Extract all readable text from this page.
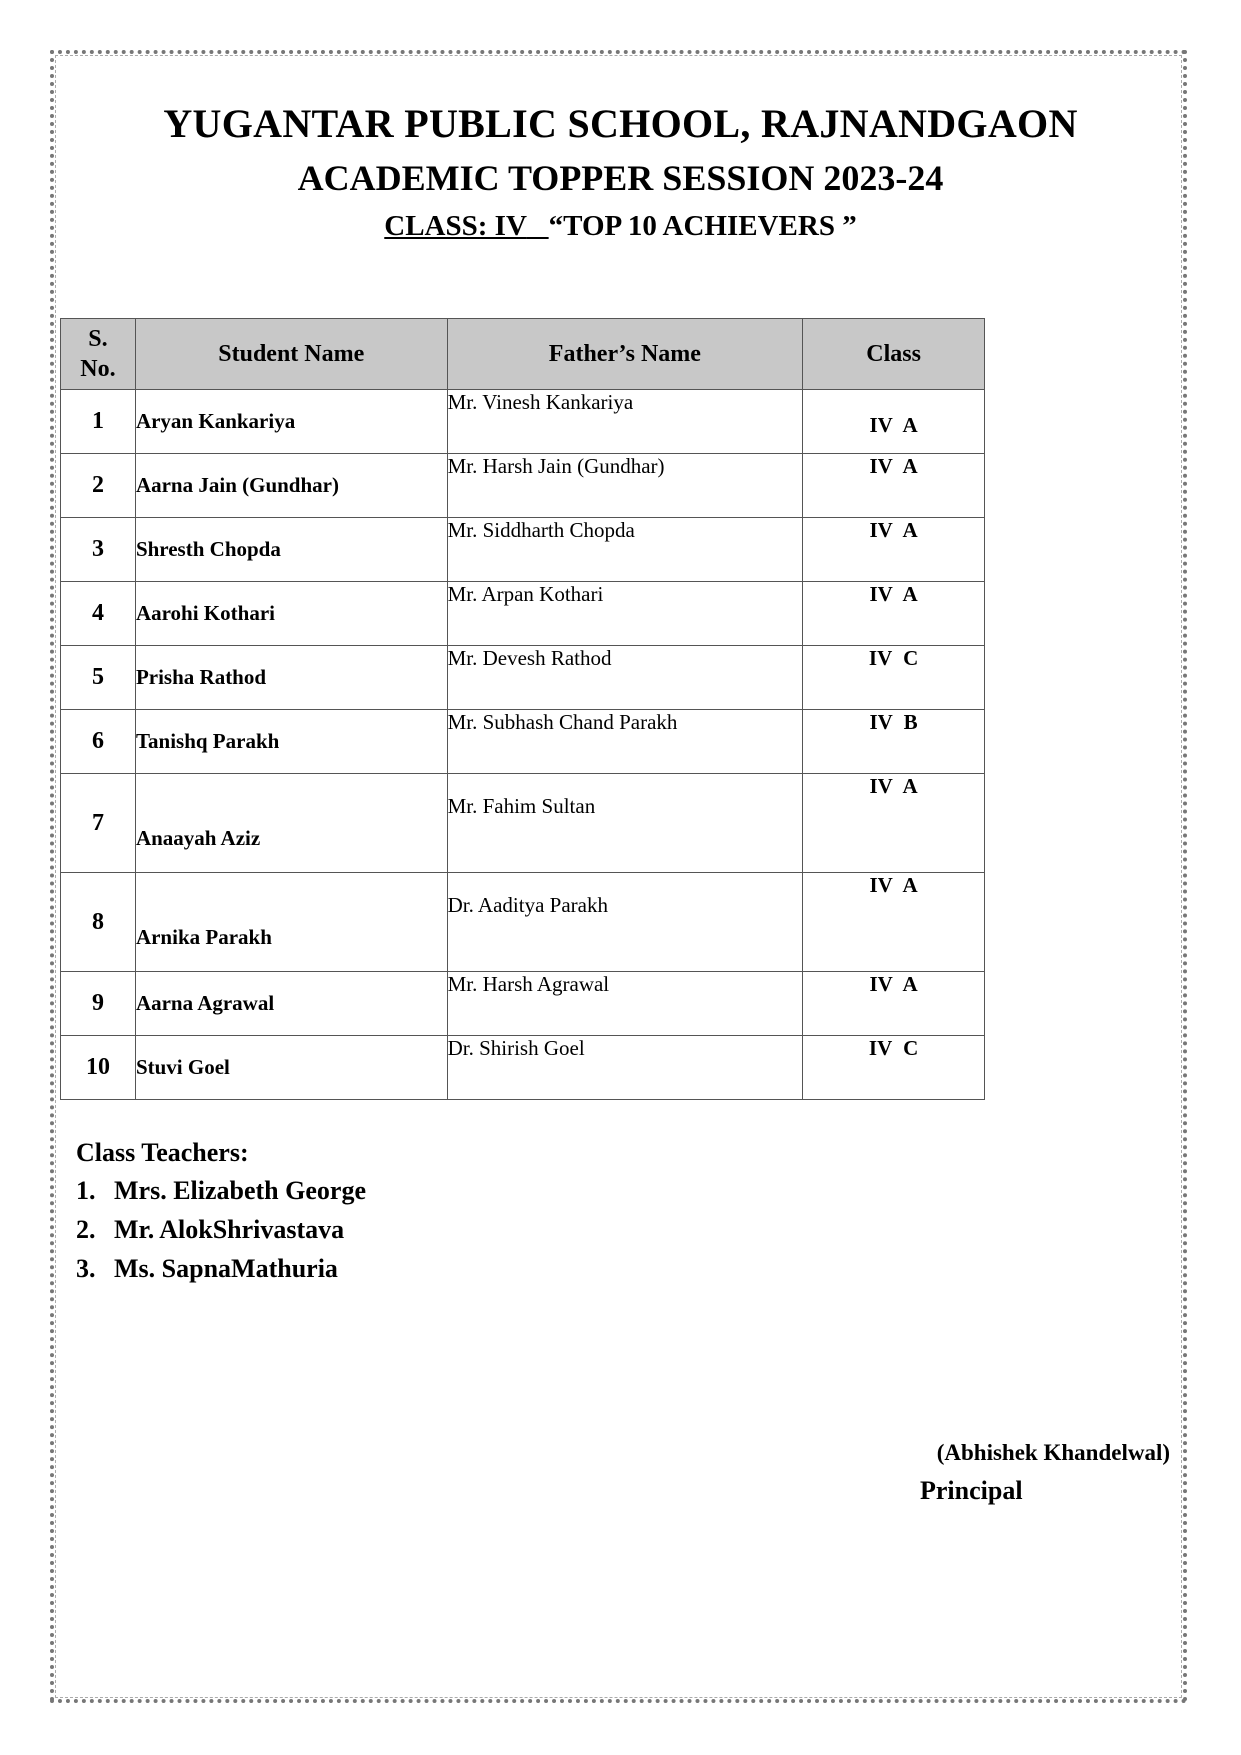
YUGANTAR PUBLIC SCHOOL, RAJNANDGAON
ACADEMIC TOPPER SESSION 2023-24
CLASS: IV “TOP 10 ACHIEVERS ”
S.
No.	Student Name	Father’s Name	Class
1	Aryan Kankariya	Mr. Vinesh Kankariya	IV A
2	Aarna Jain (Gundhar)	Mr. Harsh Jain (Gundhar)	IV A
3	Shresth Chopda	Mr. Siddharth Chopda	IV A
4	Aarohi Kothari	Mr. Arpan Kothari	IV A
5	Prisha Rathod	Mr. Devesh Rathod	IV C
6	Tanishq Parakh	Mr. Subhash Chand Parakh	IV B
7	Anaayah Aziz	Mr. Fahim Sultan	IV A
8	Arnika Parakh	Dr. Aaditya Parakh	IV A
9	Aarna Agrawal	Mr. Harsh Agrawal	IV A
10	Stuvi Goel	Dr. Shirish Goel	IV C

Class Teachers:

1. Mrs. Elizabeth George
2. Mr. AlokShrivastava
3. Ms. SapnaMathuria

(Abhishek Khandelwal)

Principal
